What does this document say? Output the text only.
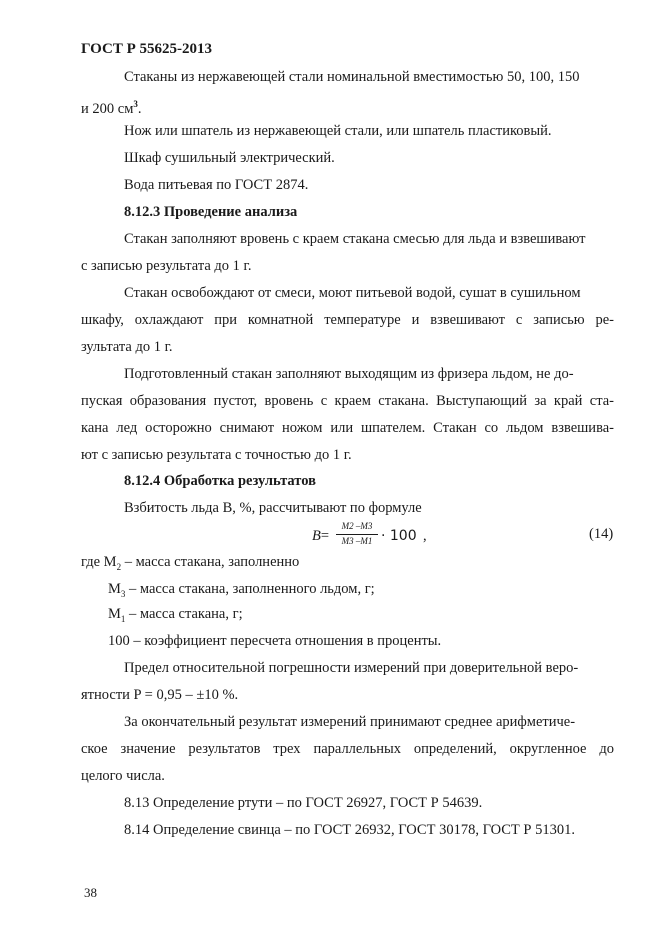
ГОСТ Р 55625-2013
Стаканы из нержавеющей стали номинальной вместимостью 50, 100, 150
и 200 $см^3$.
Нож или шпатель из нержавеющей стали, или шпатель пластиковый.
Шкаф сушильный электрический.
Вода питьевая по ГОСТ 2874.
8.12.3 Проведение анализа
Стакан заполняют вровень с краем стакана смесью для льда и взвешивают
с записью результата до 1 г.
Стакан освобождают от смеси, моют питьевой водой, сушат в сушильном
шкафу, охлаждают при комнатной температуре и взвешивают с записью ре-
зультата до 1 г.
Подготовленный стакан заполняют выходящим из фризера льдом, не до-
пуская образования пустот, вровень с краем стакана. Выступающий за край ста-
кана лед осторожно снимают ножом или шпателем. Стакан со льдом взвешива-
ют с записью результата с точностью до 1 г.
8.12.4 Обработка результатов
Взбитость льда B, %, рассчитывают по формуле
B=
M2 –M3
M3 –M1 · 100 ,	(14)
где $M_2$ – масса стакана, заполненно
$M_3$ – масса стакана, заполненного льдом, г;
$M_1$ – масса стакана, г;
100 – коэффициент пересчета отношения в проценты.
Предел относительной погрешности измерений при доверительной веро-
ятности P = 0,95 – ±10 %.
За окончательный результат измерений принимают среднее арифметиче-
ское значение результатов трех параллельных определений, округленное до
целого числа.
8.13 Определение ртути – по ГОСТ 26927, ГОСТ Р 54639.
8.14 Определение свинца – по ГОСТ 26932, ГОСТ 30178, ГОСТ Р 51301.
38
